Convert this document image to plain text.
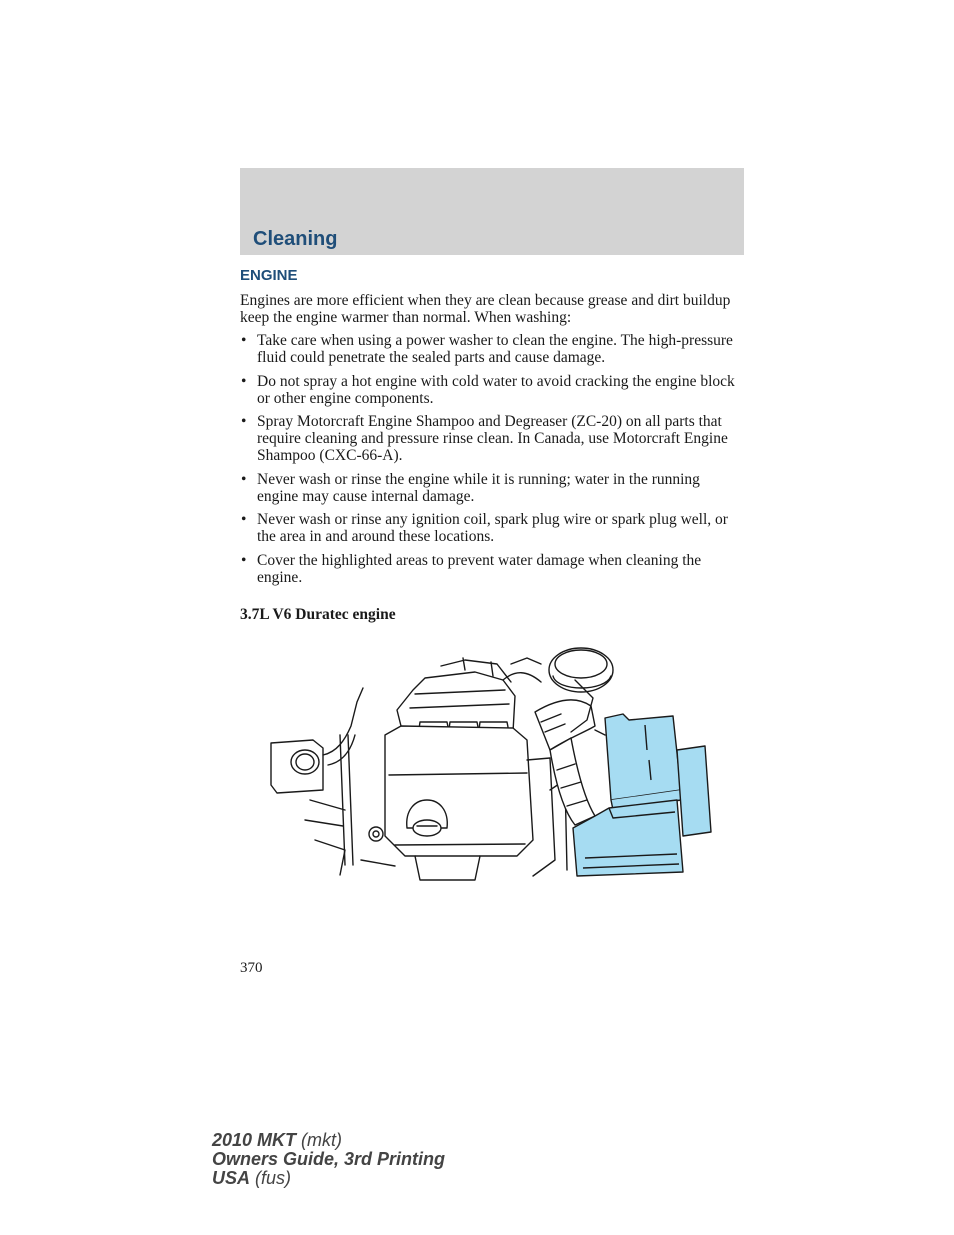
Cleaning
ENGINE
Engines are more efficient when they are clean because grease and dirt buildup keep the engine warmer than normal. When washing:
• Take care when using a power washer to clean the engine. The high-pressure fluid could penetrate the sealed parts and cause damage.
• Do not spray a hot engine with cold water to avoid cracking the engine block or other engine components.
• Spray Motorcraft Engine Shampoo and Degreaser (ZC-20) on all parts that require cleaning and pressure rinse clean. In Canada, use Motorcraft Engine Shampoo (CXC-66-A).
• Never wash or rinse the engine while it is running; water in the running engine may cause internal damage.
• Never wash or rinse any ignition coil, spark plug wire or spark plug well, or the area in and around these locations.
• Cover the highlighted areas to prevent water damage when cleaning the engine.
3.7L V6 Duratec engine
370
2010 MKT (mkt)
Owners Guide, 3rd Printing
USA (fus)
